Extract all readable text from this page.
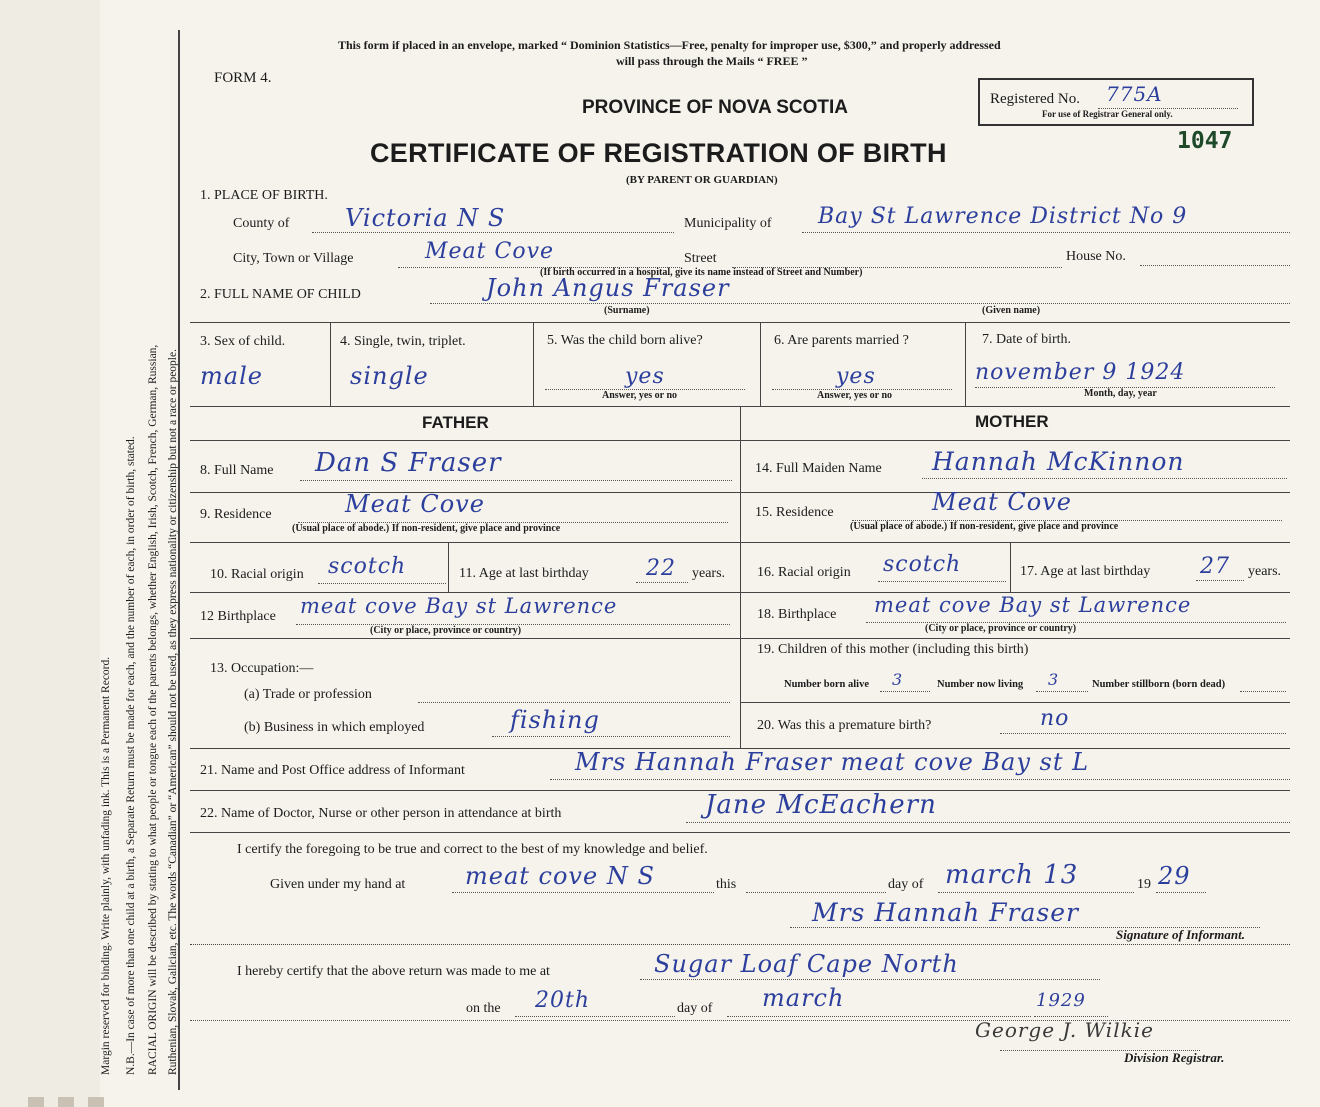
Margin reserved for binding. Write plainly, with unfading ink. This is a Permanent Record. N.B.—In case of more than one child at a birth, a Separate Return must be made for each, and the number of each, in order of birth, stated. RACIAL ORIGIN will be described by stating to what people or tongue each of the parents belongs, whether English, Irish, Scotch, French, German, Russian, Ruthenian, Slovak, Galician, etc. The words “Canadian” or “American” should not be used, as they express nationality or citizenship but not a race or people.
This form if placed in an envelope, marked “ Dominion Statistics—Free, penalty for improper use, $300,” and properly addressed
will pass through the Mails “ FREE ”
FORM 4.
PROVINCE OF NOVA SCOTIA
CERTIFICATE OF REGISTRATION OF BIRTH
(BY PARENT OR GUARDIAN)
Registered No. 775A
For use of Registrar General only.
1047
1. PLACE OF BIRTH.
County of Victoria N S	Municipality of Bay St Lawrence District No 9
City, Town or Village	Meat Cove	Street	House No.
(If birth occurred in a hospital, give its name instead of Street and Number)
2. FULL NAME OF CHILD	John Angus Fraser
(Surname)	(Given name)
3. Sex of child.
male
4. Single, twin, triplet.
single
5. Was the child born alive?
yes
Answer, yes or no
6. Are parents married ?
yes
Answer, yes or no
7. Date of birth.
november 9 1924
Month, day, year
FATHER	MOTHER
8. Full Name Dan S Fraser	14. Full Maiden Name Hannah McKinnon
9. Residence	Meat Cove
(Usual place of abode.) If non-resident, give place and province
15. Residence	Meat Cove
(Usual place of abode.) If non-resident, give place and province
10. Racial origin scotch	11. Age at last birthday	22 years. 16. Racial origin scotch	17. Age at last birthday 27 years.
12 Birthplace meat cove Bay st Lawrence
(City or place, province or country)
18. Birthplace meat cove Bay st Lawrence
(City or place, province or country)
13. Occupation:—
(a) Trade or profession
(b) Business in which employed	fishing
19. Children of this mother (including this birth)
Number born alive 3	Number now living 3	Number stillborn (born dead)
20. Was this a premature birth?	no
21. Name and Post Office address of Informant	Mrs Hannah Fraser meat cove Bay st L
22. Name of Doctor, Nurse or other person in attendance at birth	Jane McEachern
I certify the foregoing to be true and correct to the best of my knowledge and belief.
Given under my hand at meat cove N S	this	day of march 13	19 29
Mrs Hannah Fraser
Signature of Informant.
I hereby certify that the above return was made to me at	Sugar Loaf Cape North
on the 20th	day of march	1929
George J. Wilkie
Division Registrar.
